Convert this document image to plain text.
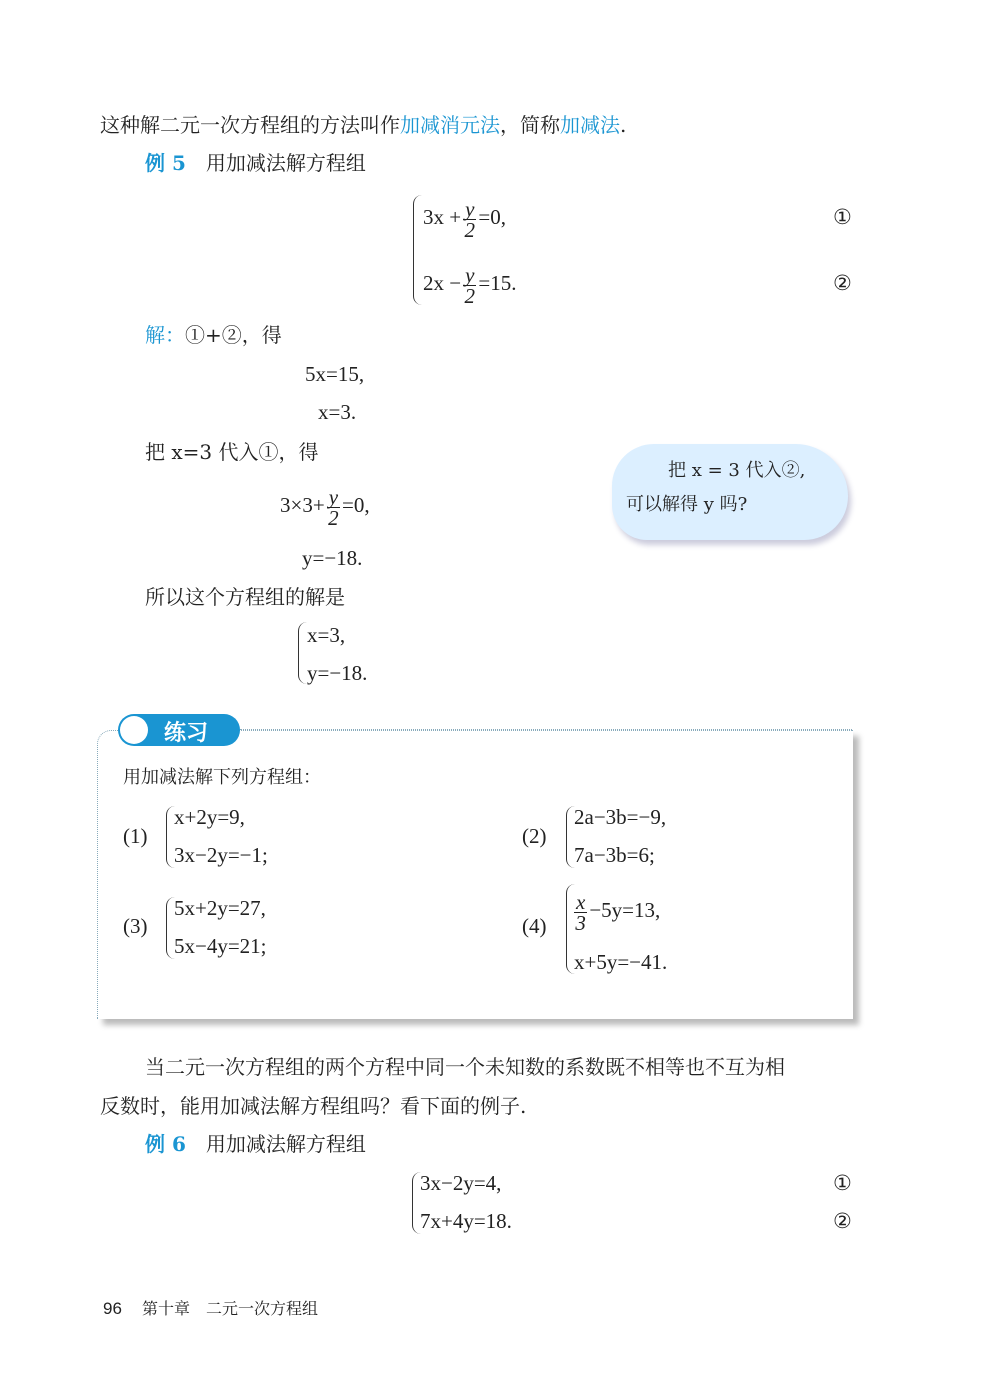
这种解二元一次方程组的方法叫作加减消元法，简称加减法.
例 5　 用加减法解方程组
$3x + \frac{y}{2} =0$,	①
$2x - \frac{y}{2} =15$.	②
解：①+②，得
5x=15,
x=3.
把 x=3 代入①，得
$3\times 3+ \frac{y}{2} =0$,
y=−18.
所以这个方程组的解是
x=3,
y=−18.
把 x = 3 代入②,
可以解得 y 吗?
练习
用加减法解下列方程组：
(1)
x+2y=9,
3x−2y=−1;
(2)
2a−3b=−9,
7a−3b=6;
(3)
5x+2y=27,
5x−4y=21;
$(4) \frac{x}{3} -5y=13$,
x+5y=−41.
当二元一次方程组的两个方程中同一个未知数的系数既不相等也不互为相
反数时，能用加减法解方程组吗？看下面的例子.
例 6　 用加减法解方程组
3x−2y=4,	①
7x+4y=18.	②
96 第十章　二元一次方程组
